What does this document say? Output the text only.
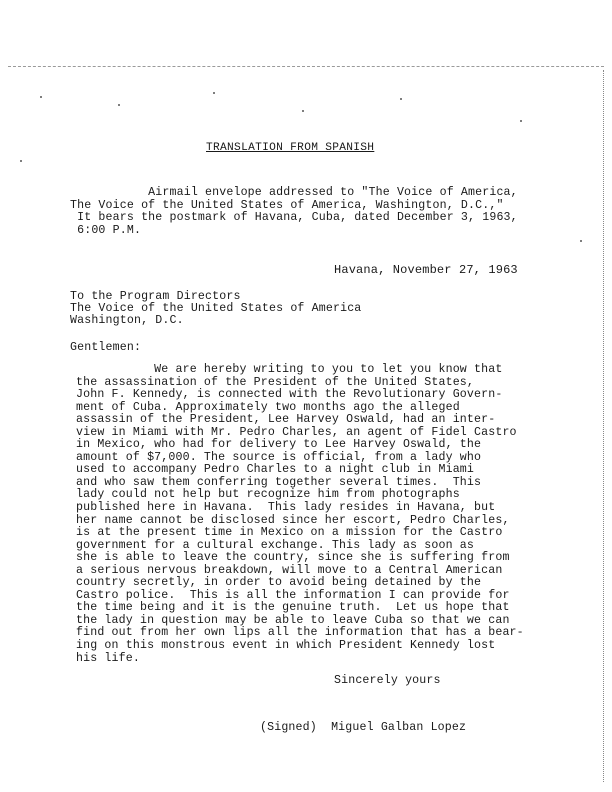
TRANSLATION FROM SPANISH
Airmail envelope addressed to "The Voice of America,
The Voice of the United States of America, Washington, D.C.,"
It bears the postmark of Havana, Cuba, dated December 3, 1963,
6:00 P.M.
Havana, November 27, 1963
To the Program Directors
The Voice of the United States of America
Washington, D.C.
Gentlemen:
We are hereby writing to you to let you know that
the assassination of the President of the United States,
John F. Kennedy, is connected with the Revolutionary Govern-
ment of Cuba. Approximately two months ago the alleged
assassin of the President, Lee Harvey Oswald, had an inter-
view in Miami with Mr. Pedro Charles, an agent of Fidel Castro
in Mexico, who had for delivery to Lee Harvey Oswald, the
amount of $7,000. The source is official, from a lady who
used to accompany Pedro Charles to a night club in Miami
and who saw them conferring together several times.  This
lady could not help but recognize him from photographs
published here in Havana.  This lady resides in Havana, but
her name cannot be disclosed since her escort, Pedro Charles,
is at the present time in Mexico on a mission for the Castro
government for a cultural exchange. This lady as soon as
she is able to leave the country, since she is suffering from
a serious nervous breakdown, will move to a Central American
country secretly, in order to avoid being detained by the
Castro police.  This is all the information I can provide for
the time being and it is the genuine truth.  Let us hope that
the lady in question may be able to leave Cuba so that we can
find out from her own lips all the information that has a bear-
ing on this monstrous event in which President Kennedy lost
his life.
Sincerely yours
(Signed)  Miguel Galban Lopez
